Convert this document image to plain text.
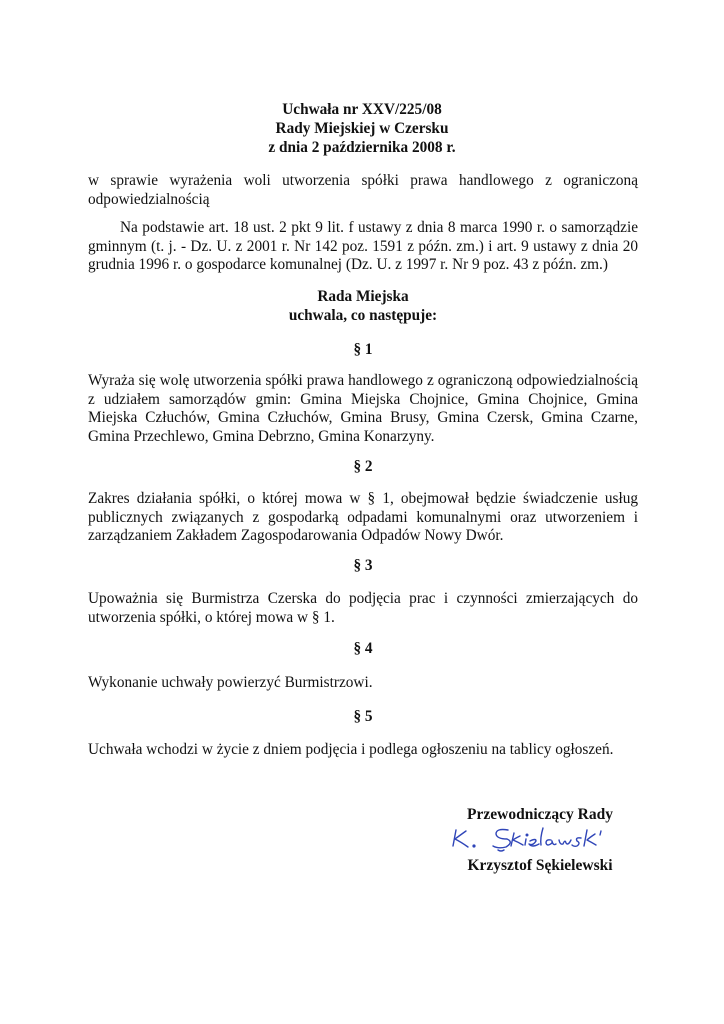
Uchwała nr XXV/225/08
Rady Miejskiej w Czersku
z dnia 2 października 2008 r.
w sprawie wyrażenia woli utworzenia spółki prawa handlowego z ograniczoną odpowiedzialnością
Na podstawie art. 18 ust. 2 pkt 9 lit. f ustawy z dnia 8 marca 1990 r. o samorządzie gminnym (t. j. - Dz. U. z 2001 r. Nr 142 poz. 1591 z późn. zm.) i art. 9 ustawy z dnia 20 grudnia 1996 r. o gospodarce komunalnej (Dz. U. z 1997 r. Nr 9 poz. 43 z późn. zm.)
Rada Miejska
uchwala, co następuje:
§ 1
Wyraża się wolę utworzenia spółki prawa handlowego z ograniczoną odpowiedzialnością z udziałem samorządów gmin: Gmina Miejska Chojnice, Gmina Chojnice, Gmina Miejska Człuchów, Gmina Człuchów, Gmina Brusy, Gmina Czersk, Gmina Czarne, Gmina Przechlewo, Gmina Debrzno, Gmina Konarzyny.
§ 2
Zakres działania spółki, o której mowa w § 1, obejmował będzie świadczenie usług publicznych związanych z gospodarką odpadami komunalnymi oraz utworzeniem i zarządzaniem Zakładem Zagospodarowania Odpadów Nowy Dwór.
§ 3
Upoważnia się Burmistrza Czerska do podjęcia prac i czynności zmierzających do utworzenia spółki, o której mowa w § 1.
§ 4
Wykonanie uchwały powierzyć Burmistrzowi.
§ 5
Uchwała wchodzi w życie z dniem podjęcia i podlega ogłoszeniu na tablicy ogłoszeń.
Przewodniczący Rady
Krzysztof Sękielewski
